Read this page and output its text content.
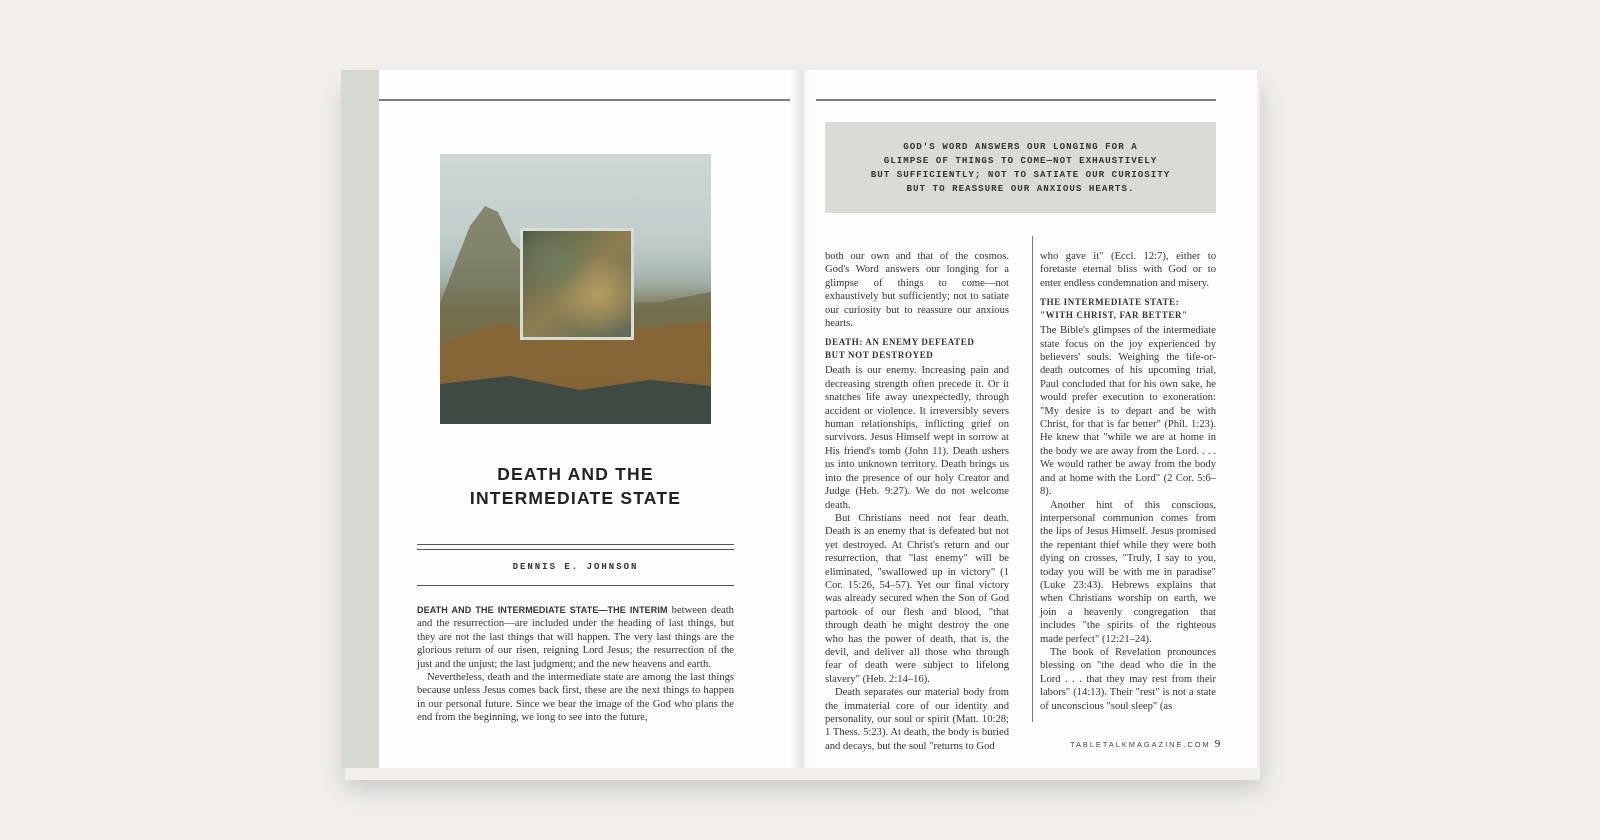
DEATH AND THE
INTERMEDIATE STATE
DENNIS E. JOHNSON

DEATH AND THE INTERMEDIATE STATE—THE INTERIM between death and the resurrection—are included under the heading of last things, but they are not the last things that will happen. The very last things are the glorious return of our risen, reigning Lord Jesus; the resurrection of the just and the unjust; the last judgment; and the new heavens and earth.

Nevertheless, death and the intermediate state are among the last things because unless Jesus comes back first, these are the next things to happen in our personal future. Since we bear the image of the God who plans the end from the beginning, we long to see into the future,

GOD'S WORD ANSWERS OUR LONGING FOR A
GLIMPSE OF THINGS TO COME—NOT EXHAUSTIVELY
BUT SUFFICIENTLY; NOT TO SATIATE OUR CURIOSITY
BUT TO REASSURE OUR ANXIOUS HEARTS.

both our own and that of the cosmos. God's Word answers our longing for a glimpse of things to come—not exhaustively but sufficiently; not to satiate our curiosity but to reassure our anxious hearts.

DEATH: AN ENEMY DEFEATED
BUT NOT DESTROYED

Death is our enemy. Increasing pain and decreasing strength often precede it. Or it snatches life away unexpectedly, through accident or violence. It irreversibly severs human relationships, inflicting grief on survivors. Jesus Himself wept in sorrow at His friend's tomb (John 11). Death ushers us into unknown territory. Death brings us into the presence of our holy Creator and Judge (Heb. 9:27). We do not welcome death.

But Christians need not fear death. Death is an enemy that is defeated but not yet destroyed. At Christ's return and our resurrection, that "last enemy" will be eliminated, "swallowed up in victory" (1 Cor. 15:26, 54–57). Yet our final victory was already secured when the Son of God partook of our flesh and blood, "that through death he might destroy the one who has the power of death, that is, the devil, and deliver all those who through fear of death were subject to lifelong slavery" (Heb. 2:14–16).

Death separates our material body from the immaterial core of our identity and personality, our soul or spirit (Matt. 10:28; 1 Thess. 5:23). At death, the body is buried and decays, but the soul "returns to God

who gave it" (Eccl. 12:7), either to foretaste eternal bliss with God or to enter endless condemnation and misery.

THE INTERMEDIATE STATE:
"WITH CHRIST, FAR BETTER"

The Bible's glimpses of the intermediate state focus on the joy experienced by believers' souls. Weighing the life-or-death outcomes of his upcoming trial, Paul concluded that for his own sake, he would prefer execution to exoneration: "My desire is to depart and be with Christ, for that is far better" (Phil. 1:23). He knew that "while we are at home in the body we are away from the Lord. . . . We would rather be away from the body and at home with the Lord" (2 Cor. 5:6–8).

Another hint of this conscious, interpersonal communion comes from the lips of Jesus Himself. Jesus promised the repentant thief while they were both dying on crosses, "Truly, I say to you, today you will be with me in paradise" (Luke 23:43). Hebrews explains that when Christians worship on earth, we join a heavenly congregation that includes "the spirits of the righteous made perfect" (12:21–24).

The book of Revelation pronounces blessing on "the dead who die in the Lord . . . that they may rest from their labors" (14:13). Their "rest" is not a state of unconscious "soul sleep" (as

TABLETALKMAGAZINE.COM 9
